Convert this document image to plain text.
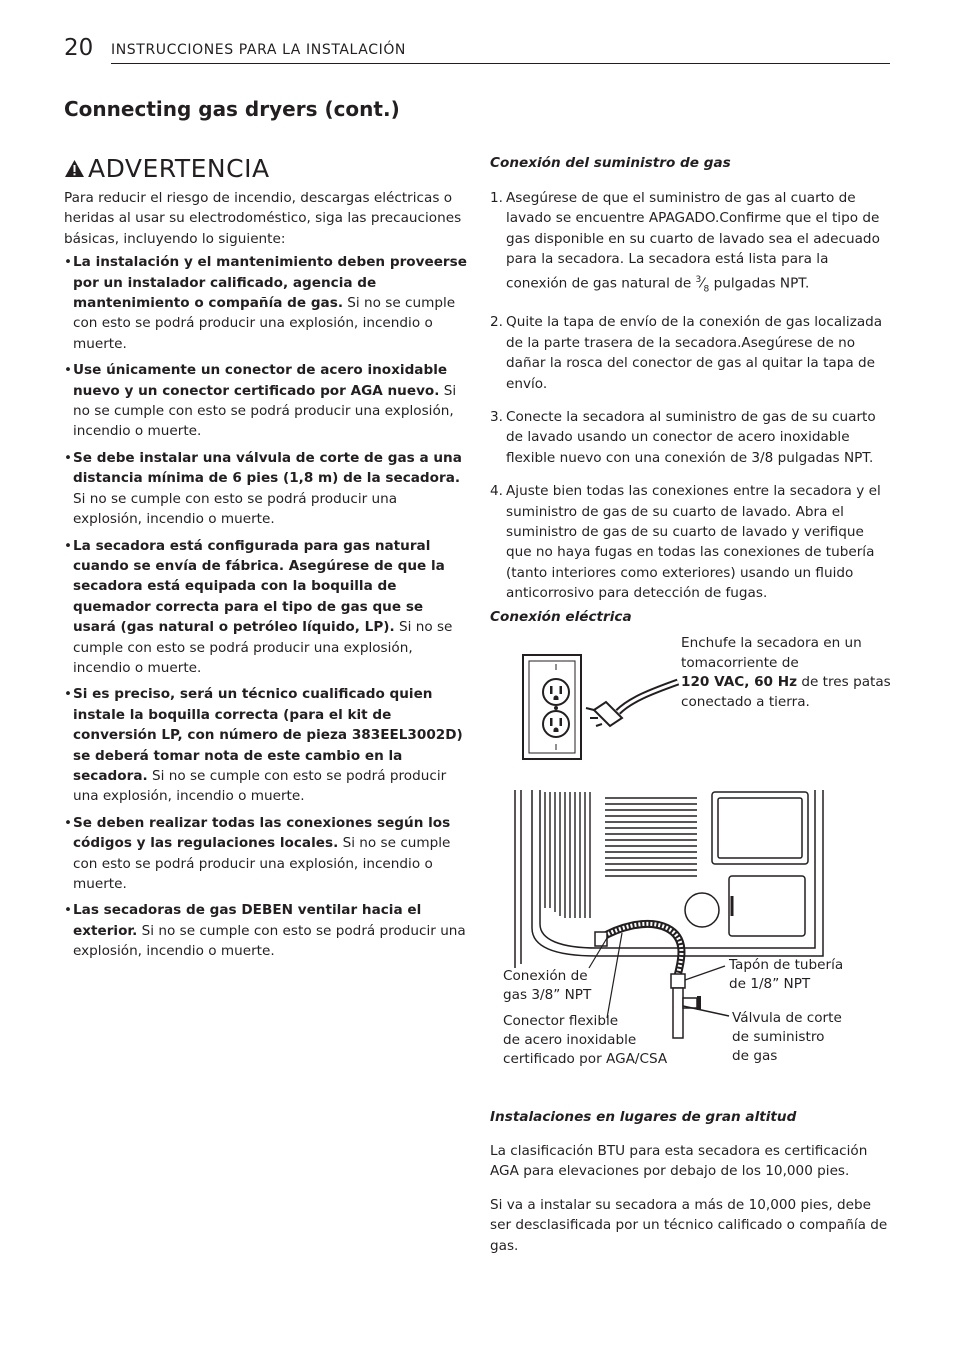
20 INSTRUCCIONES PARA LA INSTALACIÓN
Connecting gas dryers (cont.)
ADVERTENCIA

Para reducir el riesgo de incendio, descargas eléctricas o heridas al usar su electrodoméstico, siga las precauciones básicas, incluyendo lo siguiente:

• La instalación y el mantenimiento deben proveerse por un instalador calificado, agencia de mantenimiento o compañía de gas. Si no se cumple con esto se podrá producir una explosión, incendio o muerte.
• Use únicamente un conector de acero inoxidable nuevo y un conector certificado por AGA nuevo. Si no se cumple con esto se podrá producir una explosión, incendio o muerte.
• Se debe instalar una válvula de corte de gas a una distancia mínima de 6 pies (1,8 m) de la secadora. Si no se cumple con esto se podrá producir una explosión, incendio o muerte.
• La secadora está configurada para gas natural cuando se envía de fábrica. Asegúrese de que la secadora está equipada con la boquilla de quemador correcta para el tipo de gas que se usará (gas natural o petróleo líquido, LP). Si no se cumple con esto se podrá producir una explosión, incendio o muerte.
• Si es preciso, será un técnico cualificado quien instale la boquilla correcta (para el kit de conversión LP, con número de pieza 383EEL3002D) se deberá tomar nota de este cambio en la secadora. Si no se cumple con esto se podrá producir una explosión, incendio o muerte.
• Se deben realizar todas las conexiones según los códigos y las regulaciones locales. Si no se cumple con esto se podrá producir una explosión, incendio o muerte.
• Las secadoras de gas DEBEN ventilar hacia el exterior. Si no se cumple con esto se podrá producir una explosión, incendio o muerte.
Conexión del suministro de gas
1. Asegúrese de que el suministro de gas al cuarto de lavado se encuentre APAGADO.Confirme que el tipo de gas disponible en su cuarto de lavado sea el adecuado para la secadora. La secadora está lista para la conexión de gas natural de $^3⁄_8$ pulgadas NPT.
2. Quite la tapa de envío de la conexión de gas localizada de la parte trasera de la secadora.Asegúrese de no dañar la rosca del conector de gas al quitar la tapa de envío.
3. Conecte la secadora al suministro de gas de su cuarto de lavado usando un conector de acero inoxidable flexible nuevo con una conexión de 3/8 pulgadas NPT.
4. Ajuste bien todas las conexiones entre la secadora y el suministro de gas de su cuarto de lavado. Abra el suministro de gas de su cuarto de lavado y verifique que no haya fugas en todas las conexiones de tubería (tanto interiores como exteriores) usando un fluido anticorrosivo para detección de fugas.
Conexión eléctrica
Enchufe la secadora en un tomacorriente de
120 VAC, 60 Hz de tres patas conectado a tierra.
Conexión de
gas 3/8” NPT
Conector flexible
de acero inoxidable
certificado por AGA/CSA
Tapón de tubería
de 1/8” NPT
Válvula de corte
de suministro
de gas
Instalaciones en lugares de gran altitud
La clasificación BTU para esta secadora es certificación AGA para elevaciones por debajo de los 10,000 pies.
Si va a instalar su secadora a más de 10,000 pies, debe ser desclasificada por un técnico calificado o compañía de gas.
